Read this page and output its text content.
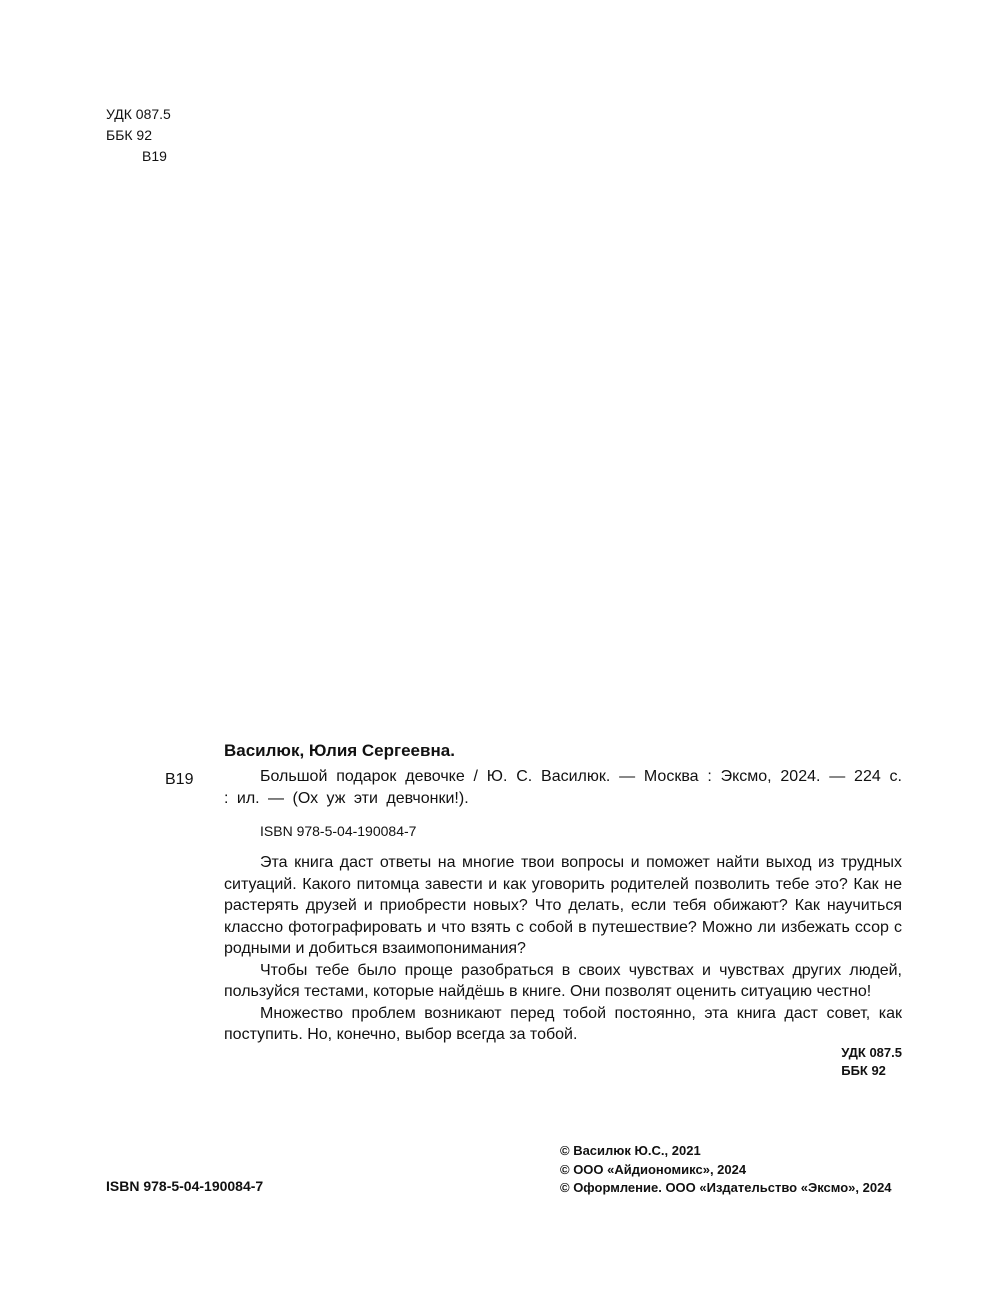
УДК 087.5
ББК 92
В19
В19

Василюк, Юлия Сергеевна.

Большой подарок девочке / Ю. С. Василюк. — Москва : Эксмо, 2024. — 224 с. : ил. — (Ох уж эти девчонки!).

ISBN 978-5-04-190084-7

Эта книга даст ответы на многие твои вопросы и поможет найти выход из трудных ситуаций. Какого питомца завести и как уговорить родителей позволить тебе это? Как не растерять друзей и приобрести новых? Что делать, если тебя обижают? Как научиться классно фотографировать и что взять с собой в путешествие? Можно ли избежать ссор с родными и добиться взаимопонимания?

Чтобы тебе было проще разобраться в своих чувствах и чувствах других людей, пользуйся тестами, которые найдёшь в книге. Они позволят оценить ситуацию честно!

Множество проблем возникают перед тобой постоянно, эта книга даст совет, как поступить. Но, конечно, выбор всегда за тобой.

УДК 087.5
ББК 92
ISBN 978-5-04-190084-7
© Василюк Ю.С., 2021
© ООО «Айдиономикс», 2024
© Оформление. ООО «Издательство «Эксмо», 2024
